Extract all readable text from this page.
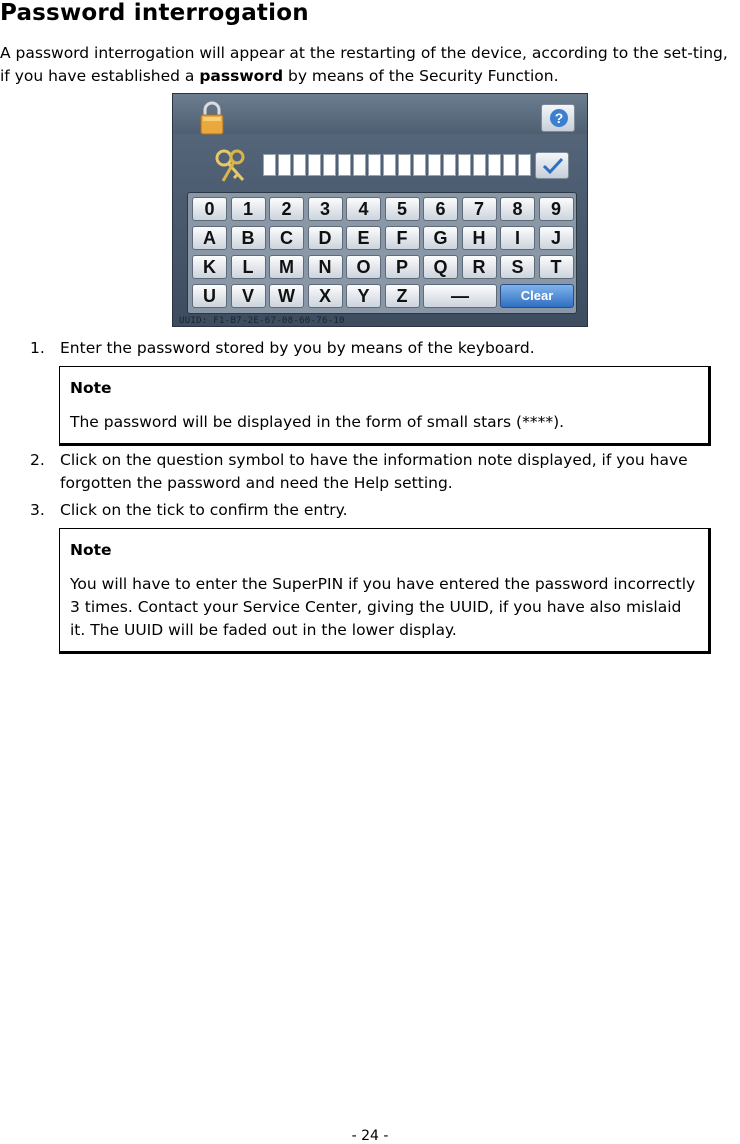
Password interrogation
A password interrogation will appear at the restarting of the device, according to the set-ting, if you have established a password by means of the Security Function.
?
0	1	2	3	4	5	6	7	8	9
A	B	C	D	E	F	G	H	I	J
K	L	M	N	O	P	Q	R	S	T
U	V	W	X	Y	Z	—	Clear
UUID: F1-B7-2E-67-08-60-76-10
1. Enter the password stored by you by means of the keyboard.
Note
The password will be displayed in the form of small stars (****).
2. Click on the question symbol to have the information note displayed, if you have forgotten the password and need the Help setting.
3. Click on the tick to confirm the entry.
Note
You will have to enter the SuperPIN if you have entered the password incorrectly 3 times. Contact your Service Center, giving the UUID, if you have also mislaid it. The UUID will be faded out in the lower display.
- 24 -
